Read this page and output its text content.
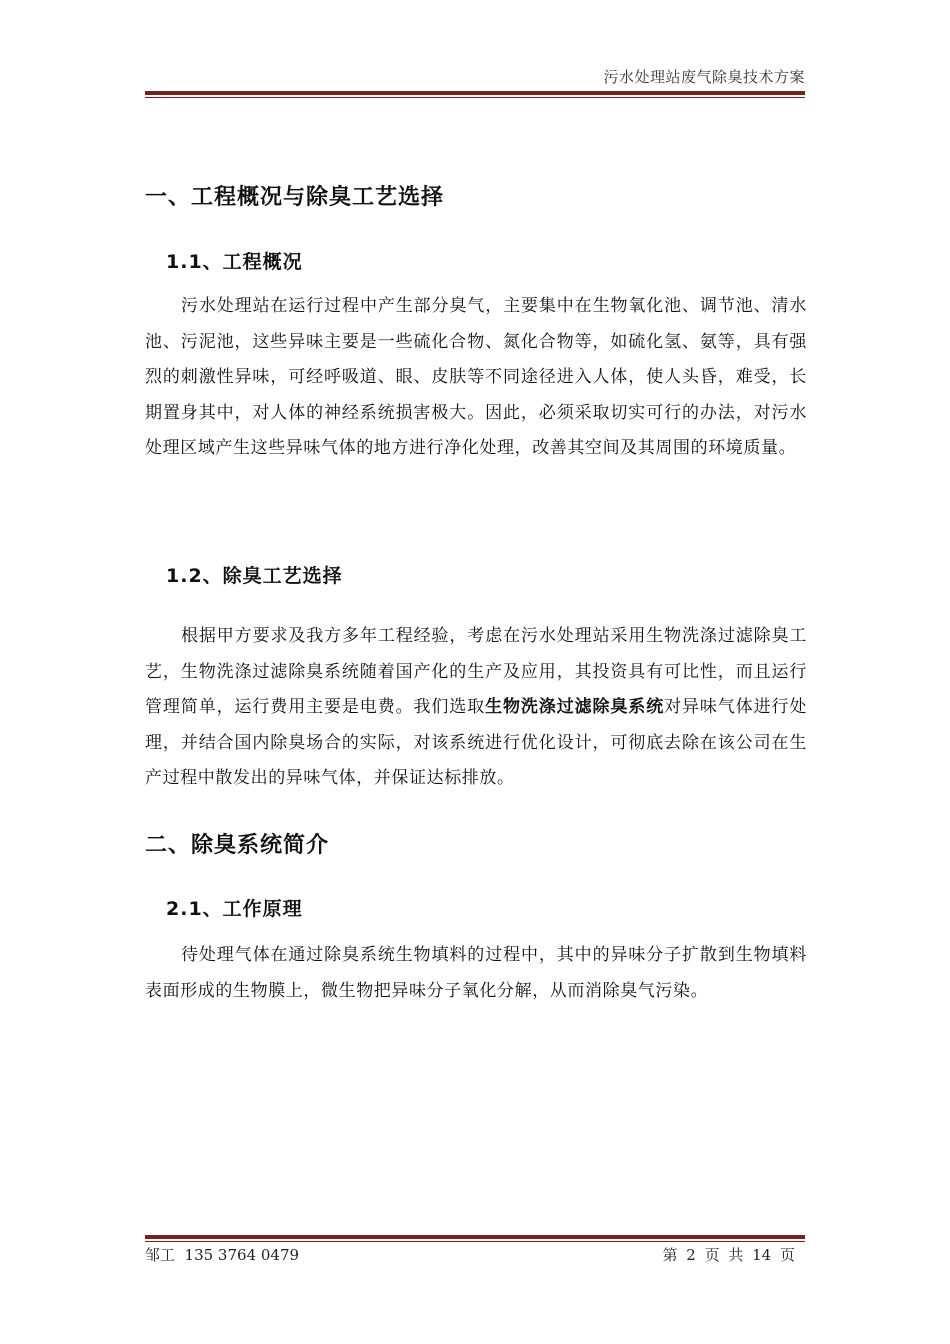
污水处理站废气除臭技术方案
一、工程概况与除臭工艺选择
1.1、工程概况
污水处理站在运行过程中产生部分臭气，主要集中在生物氧化池、调节池、清水池、污泥池，这些异味主要是一些硫化合物、氮化合物等，如硫化氢、氨等，具有强烈的刺激性异味，可经呼吸道、眼、皮肤等不同途径进入人体，使人头昏，难受，长期置身其中，对人体的神经系统损害极大。因此，必须采取切实可行的办法，对污水处理区域产生这些异味气体的地方进行净化处理，改善其空间及其周围的环境质量。
1.2、除臭工艺选择
根据甲方要求及我方多年工程经验，考虑在污水处理站采用生物洗涤过滤除臭工艺，生物洗涤过滤除臭系统随着国产化的生产及应用，其投资具有可比性，而且运行管理简单，运行费用主要是电费。我们选取生物洗涤过滤除臭系统对异味气体进行处理，并结合国内除臭场合的实际，对该系统进行优化设计，可彻底去除在该公司在生产过程中散发出的异味气体，并保证达标排放。
二、除臭系统简介
2.1、工作原理
待处理气体在通过除臭系统生物填料的过程中，其中的异味分子扩散到生物填料表面形成的生物膜上，微生物把异味分子氧化分解，从而消除臭气污染。
邹工  135 3764 0479	第 2 页 共 14 页
